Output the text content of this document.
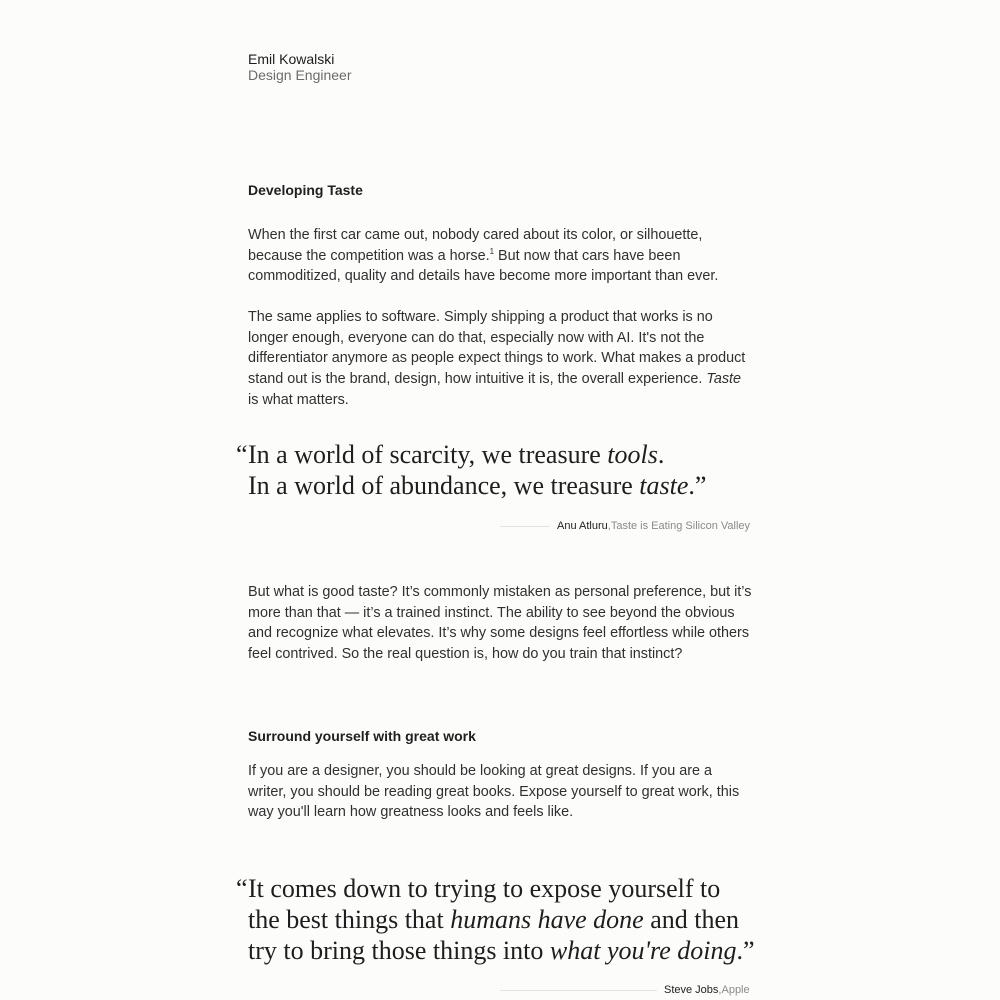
Emil Kowalski
Design Engineer
Developing Taste

When the first car came out, nobody cared about its color, or silhouette, because the competition was a horse.$^1$ But now that cars have been commoditized, quality and details have become more important than ever.

The same applies to software. Simply shipping a product that works is no longer enough, everyone can do that, especially now with AI. It's not the differentiator anymore as people expect things to work. What makes a product stand out is the brand, design, how intuitive it is, the overall experience. Taste is what matters.

“ In a world of scarcity, we treasure tools.
In a world of abundance, we treasure taste.”
Anu Atluru , Taste is Eating Silicon Valley

But what is good taste? It’s commonly mistaken as personal preference, but it’s more than that — it’s a trained instinct. The ability to see beyond the obvious and recognize what elevates. It’s why some designs feel effortless while others feel contrived. So the real question is, how do you train that instinct?

Surround yourself with great work

If you are a designer, you should be looking at great designs. If you are a writer, you should be reading great books. Expose yourself to great work, this way you'll learn how greatness looks and feels like.

“ It comes down to trying to expose yourself to the best things that humans have done and then try to bring those things into what you're doing.”
Steve Jobs , Apple
